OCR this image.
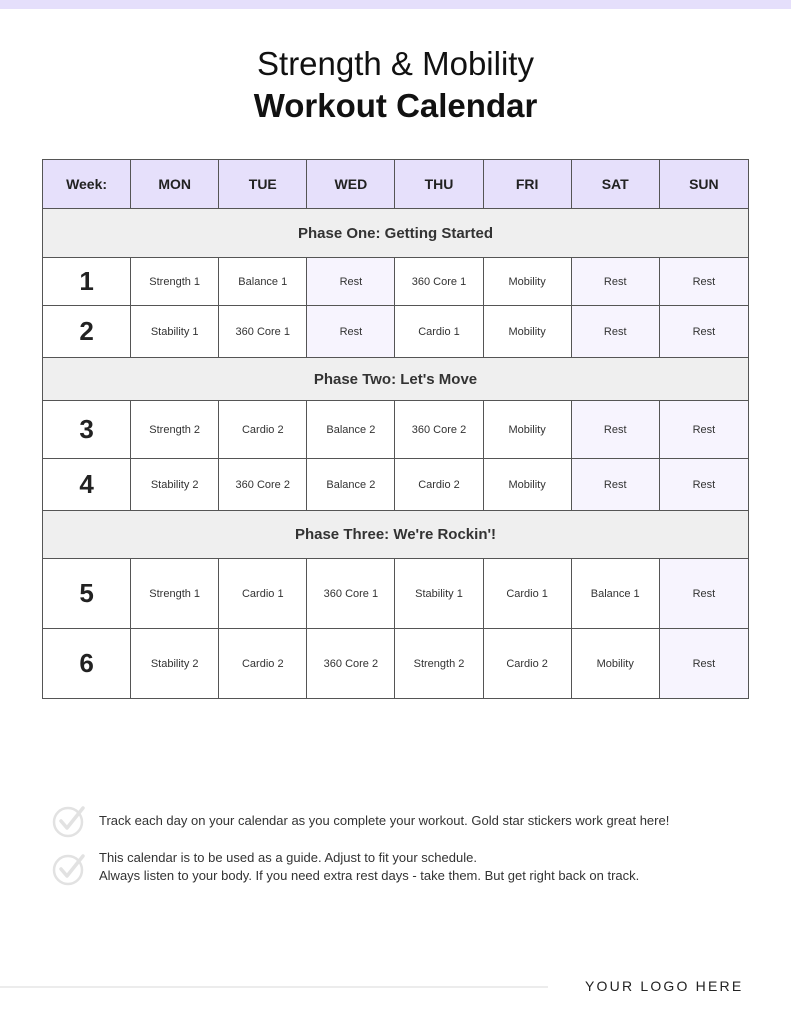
Strength & Mobility
Workout Calendar
Week:	MON	TUE	WED	THU	FRI	SAT	SUN
Phase One: Getting Started							
1	Strength 1	Balance 1	Rest	360 Core 1	Mobility	Rest	Rest
2	Stability 1	360 Core 1	Rest	Cardio 1	Mobility	Rest	Rest
Phase Two: Let's Move							
3	Strength 2	Cardio 2	Balance 2	360 Core 2	Mobility	Rest	Rest
4	Stability 2	360 Core 2	Balance 2	Cardio 2	Mobility	Rest	Rest
Phase Three: We're Rockin'!							
5	Strength 1	Cardio 1	360 Core 1	Stability 1	Cardio 1	Balance 1	Rest
6	Stability 2	Cardio 2	360 Core 2	Strength 2	Cardio 2	Mobility	Rest
Track each day on your calendar as you complete your workout. Gold star stickers work great here!
This calendar is to be used as a guide. Adjust to fit your schedule.
Always listen to your body. If you need extra rest days - take them. But get right back on track.
YOUR LOGO HERE
